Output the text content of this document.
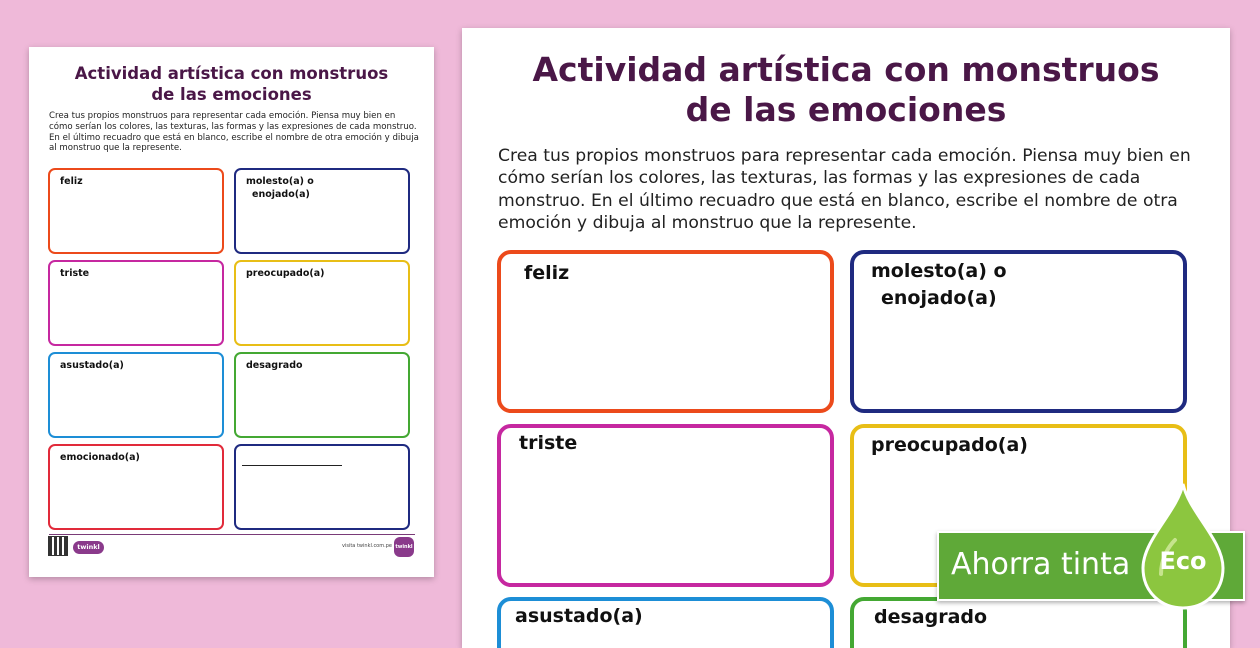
Actividad artística con monstruos
de las emociones
Crea tus propios monstruos para representar cada emoción. Piensa muy bien en cómo serían los colores, las texturas, las formas y las expresiones de cada monstruo. En el último recuadro que está en blanco, escribe el nombre de otra emoción y dibuja al monstruo que la represente.
feliz	molesto(a) o
enojado(a)
triste	preocupado(a)
asustado(a)	desagrado
emocionado(a)
twinkl	visita twinkl.com.pe twinkl
Actividad artística con monstruos
de las emociones
Crea tus propios monstruos para representar cada emoción. Piensa muy bien en cómo serían los colores, las texturas, las formas y las expresiones de cada monstruo. En el último recuadro que está en blanco, escribe el nombre de otra emoción y dibuja al monstruo que la represente.
feliz	molesto(a) o
enojado(a)
triste	preocupado(a)
asustado(a)	desagrado
Ahorra tinta Eco
